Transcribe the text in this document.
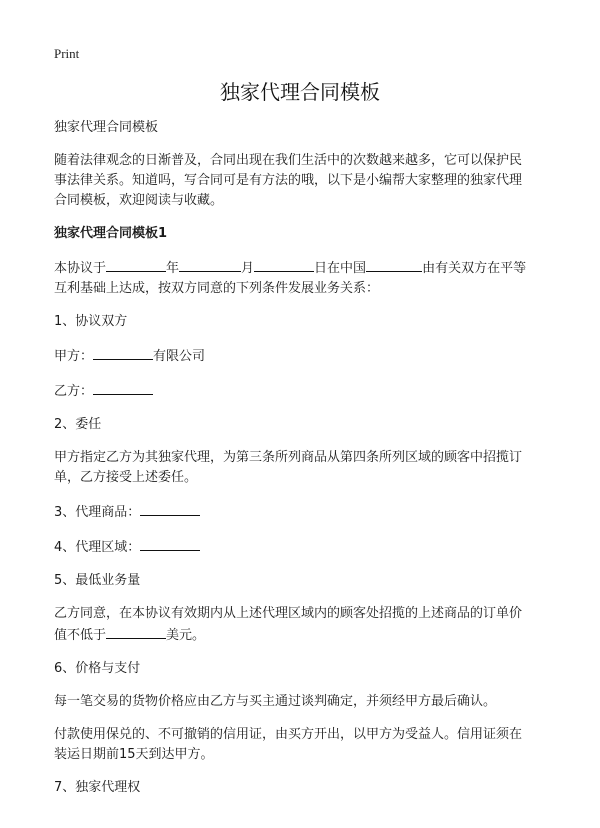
Print
独家代理合同模板

独家代理合同模板

随着法律观念的日渐普及，合同出现在我们生活中的次数越来越多，它可以保护民

事法律关系。知道吗，写合同可是有方法的哦，以下是小编帮大家整理的独家代理

合同模板，欢迎阅读与收藏。

独家代理合同模板1

本协议于	年	月	日在中国	由有关双方在平等

互利基础上达成，按双方同意的下列条件发展业务关系：

1、协议双方

甲方：	有限公司

乙方：

2、委任

甲方指定乙方为其独家代理，为第三条所列商品从第四条所列区域的顾客中招揽订

单，乙方接受上述委任。

3、代理商品：

4、代理区域：

5、最低业务量

乙方同意，在本协议有效期内从上述代理区域内的顾客处招揽的上述商品的订单价

值不低于	美元。

6、价格与支付

每一笔交易的货物价格应由乙方与买主通过谈判确定，并须经甲方最后确认。

付款使用保兑的、不可撤销的信用证，由买方开出，以甲方为受益人。信用证须在

装运日期前15天到达甲方。

7、独家代理权
